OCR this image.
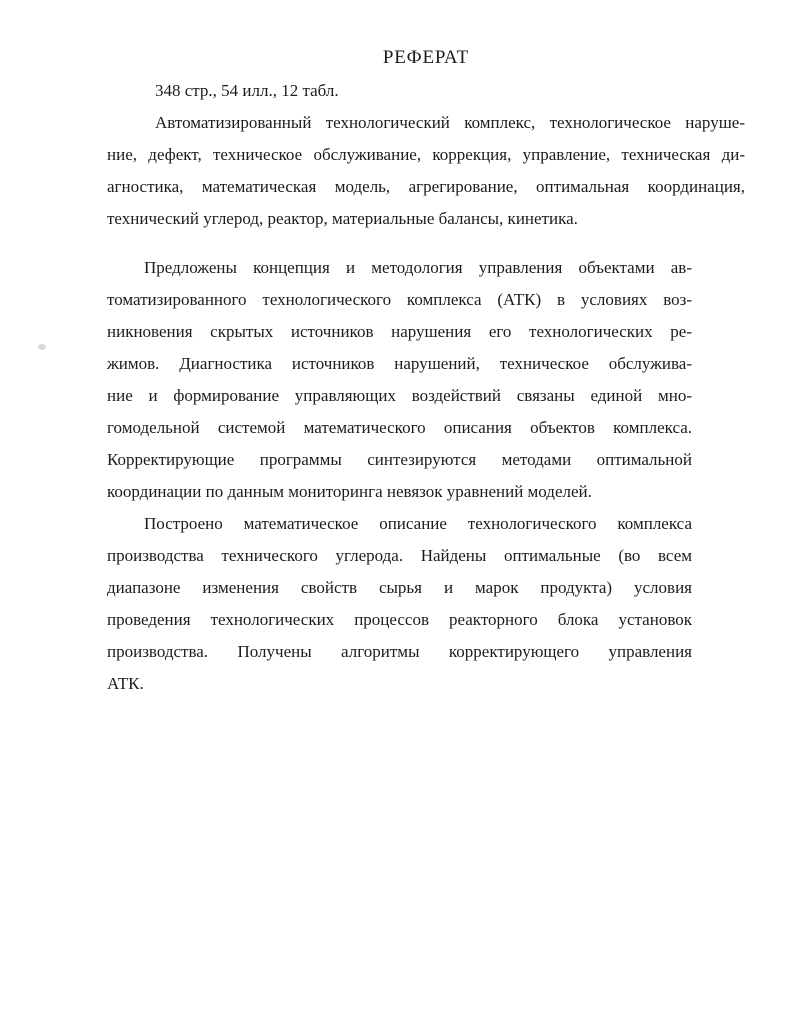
РЕФЕРАТ

348 стр., 54 илл., 12 табл.

Автоматизированный технологический комплекс, технологическое наруше-
ние, дефект, техническое обслуживание, коррекция, управление, техническая ди-
агностика, математическая модель, агрегирование, оптимальная координация,
технический углерод, реактор, материальные балансы, кинетика.
Предложены концепция и методология управления объектами ав-
томатизированного технологического комплекса (АТК) в условиях воз-
никновения скрытых источников нарушения его технологических ре-
жимов. Диагностика источников нарушений, техническое обслужива-
ние и формирование управляющих воздействий связаны единой мно-
гомодельной системой математического описания объектов комплекса.
Корректирующие программы синтезируются методами оптимальной
координации по данным мониторинга невязок уравнений моделей.
Построено математическое описание технологического комплекса
производства технического углерода. Найдены оптимальные (во всем
диапазоне изменения свойств сырья и марок продукта) условия
проведения технологических процессов реакторного блока установок
производства. Получены алгоритмы корректирующего управления
АТК.
